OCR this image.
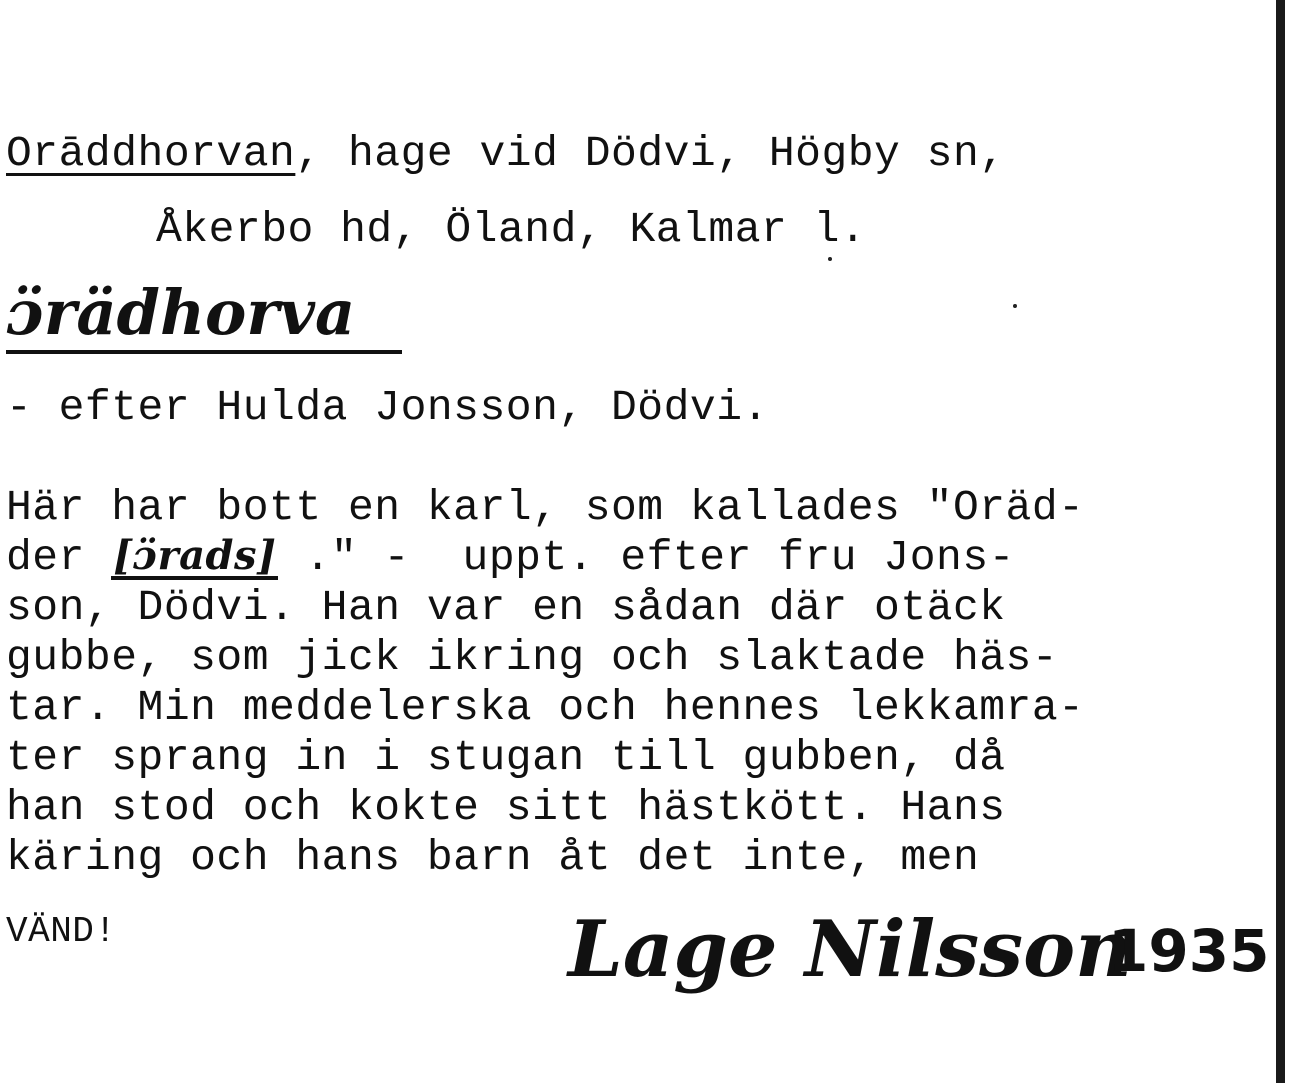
Orāddhorvan, hage vid Dödvi, Högby sn,
Åkerbo hd, Öland, Kalmar l.
ɔ̈rädhorva
- efter Hulda Jonsson, Dödvi.
Här har bott en karl, som kallades "Oräd-
der [ɔ̈rads] ." -  uppt. efter fru Jons-
son, Dödvi. Han var en sådan där otäck
gubbe, som jick ikring och slaktade häs-
tar. Min meddelerska och hennes lekkamra-
ter sprang in i stugan till gubben, då
han stod och kokte sitt hästkött. Hans
käring och hans barn åt det inte, men
VÄND!	Lage Nilsson
1935
